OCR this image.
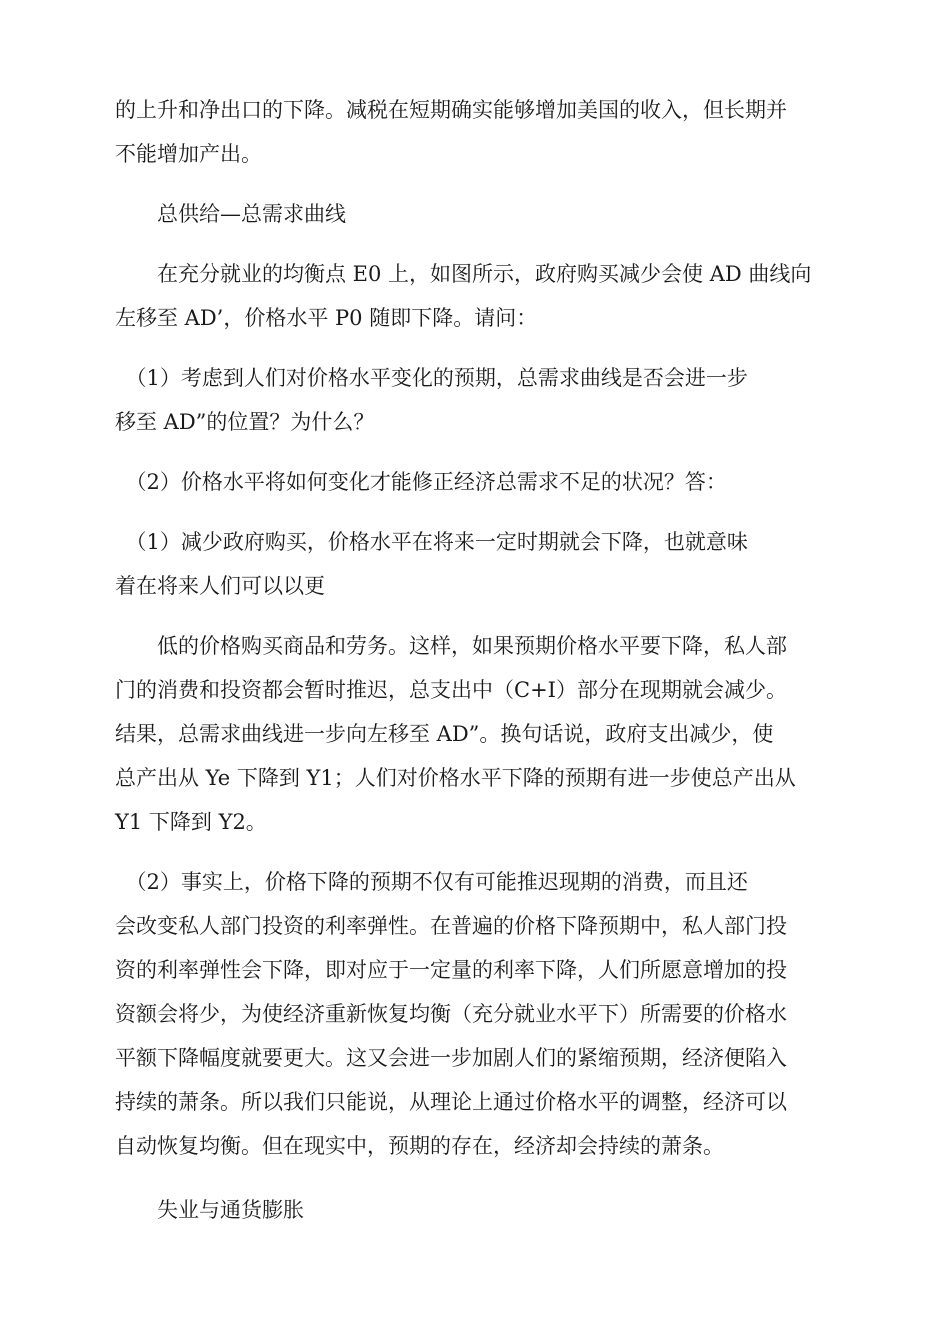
的上升和净出口的下降。减税在短期确实能够增加美国的收入，但长期并
不能增加产出。
　　总供给—总需求曲线
　　在充分就业的均衡点 E0 上，如图所示，政府购买减少会使 AD 曲线向
左移至 AD’，价格水平 P0 随即下降。请问：
　（1）考虑到人们对价格水平变化的预期，总需求曲线是否会进一步
移至 AD”的位置？为什么？
　（2）价格水平将如何变化才能修正经济总需求不足的状况？答：
　（1）减少政府购买，价格水平在将来一定时期就会下降，也就意味
着在将来人们可以以更
　　低的价格购买商品和劳务。这样，如果预期价格水平要下降，私人部
门的消费和投资都会暂时推迟，总支出中（C+I）部分在现期就会减少。
结果，总需求曲线进一步向左移至 AD”。换句话说，政府支出减少，使
总产出从 Ye 下降到 Y1；人们对价格水平下降的预期有进一步使总产出从
Y1 下降到 Y2。
　（2）事实上，价格下降的预期不仅有可能推迟现期的消费，而且还
会改变私人部门投资的利率弹性。在普遍的价格下降预期中，私人部门投
资的利率弹性会下降，即对应于一定量的利率下降，人们所愿意增加的投
资额会将少，为使经济重新恢复均衡（充分就业水平下）所需要的价格水
平额下降幅度就要更大。这又会进一步加剧人们的紧缩预期，经济便陷入
持续的萧条。所以我们只能说，从理论上通过价格水平的调整，经济可以
自动恢复均衡。但在现实中，预期的存在，经济却会持续的萧条。
　　失业与通货膨胀
